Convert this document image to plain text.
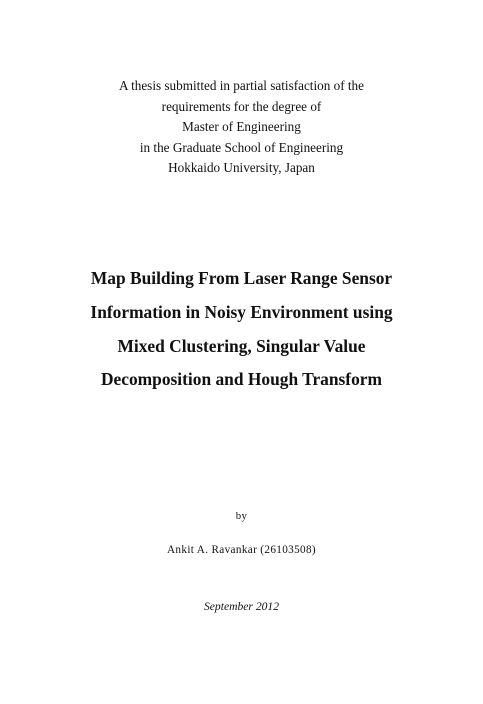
A thesis submitted in partial satisfaction of the
requirements for the degree of
Master of Engineering
in the Graduate School of Engineering
Hokkaido University, Japan
Map Building From Laser Range Sensor
Information in Noisy Environment using
Mixed Clustering, Singular Value
Decomposition and Hough Transform
by
Ankit A. Ravankar (26103508)
September 2012
